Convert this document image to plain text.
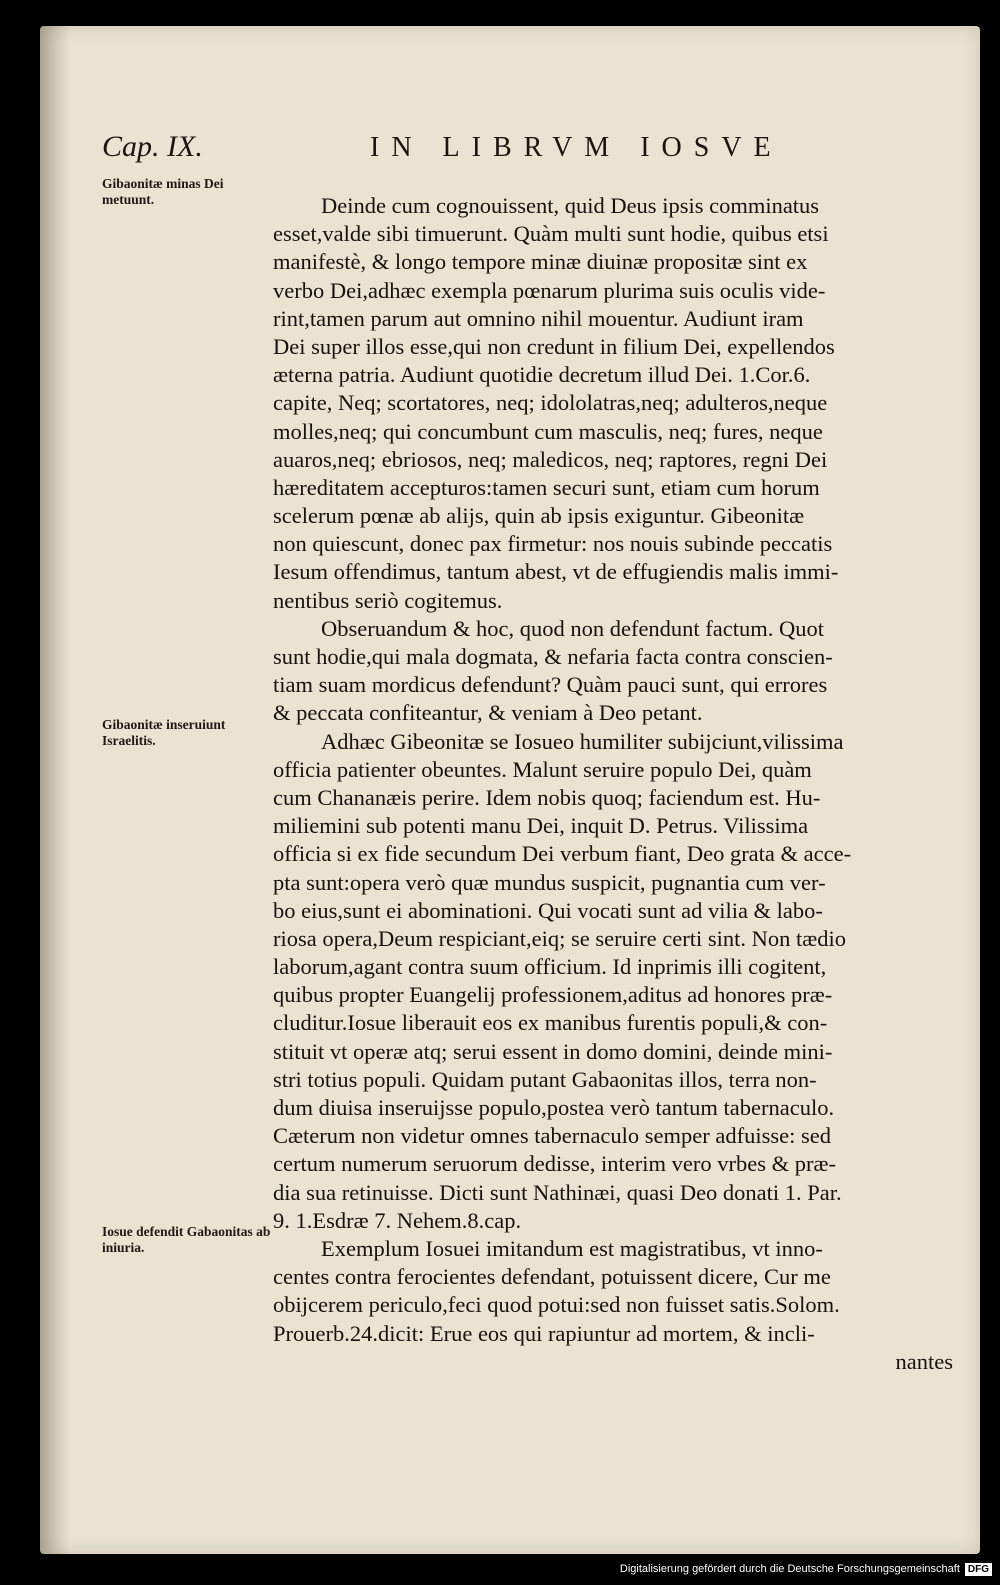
Cap. IX.	IN LIBRVM IOSVE
Gibaonitæ minas Dei metuunt.
Gibaonitæ inseruiunt Israelitis.
Iosue defendit Gabaonitas ab iniuria.
Deinde cum cognouissent, quid Deus ipsis comminatus
esset,valde sibi timuerunt. Quàm multi sunt hodie, quibus etsi
manifestè, & longo tempore minæ diuinæ propositæ sint ex
verbo Dei,adhæc exempla pœnarum plurima suis oculis vide-
rint,tamen parum aut omnino nihil mouentur. Audiunt iram
Dei super illos esse,qui non credunt in filium Dei, expellendos
æterna patria. Audiunt quotidie decretum illud Dei. 1.Cor.6.
capite, Neq; scortatores, neq; idololatras,neq; adulteros,neque
molles,neq; qui concumbunt cum masculis, neq; fures, neque
auaros,neq; ebriosos, neq; maledicos, neq; raptores, regni Dei
hæreditatem accepturos:tamen securi sunt, etiam cum horum
scelerum pœnæ ab alijs, quin ab ipsis exiguntur. Gibeonitæ
non quiescunt, donec pax firmetur: nos nouis subinde peccatis
Iesum offendimus, tantum abest, vt de effugiendis malis immi-
nentibus seriò cogitemus.
Obseruandum & hoc, quod non defendunt factum. Quot
sunt hodie,qui mala dogmata, & nefaria facta contra conscien-
tiam suam mordicus defendunt? Quàm pauci sunt, qui errores
& peccata confiteantur, & veniam à Deo petant.
Adhæc Gibeonitæ se Iosueo humiliter subijciunt,vilissima
officia patienter obeuntes. Malunt seruire populo Dei, quàm
cum Chananæis perire. Idem nobis quoq; faciendum est. Hu-
miliemini sub potenti manu Dei, inquit D. Petrus. Vilissima
officia si ex fide secundum Dei verbum fiant, Deo grata & acce-
pta sunt:opera verò quæ mundus suspicit, pugnantia cum ver-
bo eius,sunt ei abominationi. Qui vocati sunt ad vilia & labo-
riosa opera,Deum respiciant,eiq; se seruire certi sint. Non tædio
laborum,agant contra suum officium. Id inprimis illi cogitent,
quibus propter Euangelij professionem,aditus ad honores præ-
cluditur.Iosue liberauit eos ex manibus furentis populi,& con-
stituit vt operæ atq; serui essent in domo domini, deinde mini-
stri totius populi. Quidam putant Gabaonitas illos, terra non-
dum diuisa inseruijsse populo,postea verò tantum tabernaculo.
Cæterum non videtur omnes tabernaculo semper adfuisse: sed
certum numerum seruorum dedisse, interim vero vrbes & præ-
dia sua retinuisse. Dicti sunt Nathinæi, quasi Deo donati 1. Par.
9. 1.Esdræ 7. Nehem.8.cap.
Exemplum Iosuei imitandum est magistratibus, vt inno-
centes contra ferocientes defendant, potuissent dicere, Cur me
obijcerem periculo,feci quod potui:sed non fuisset satis.Solom.
Prouerb.24.dicit: Erue eos qui rapiuntur ad mortem, & incli-
nantes
Digitalisierung gefördert durch die Deutsche Forschungsgemeinschaft DFG
